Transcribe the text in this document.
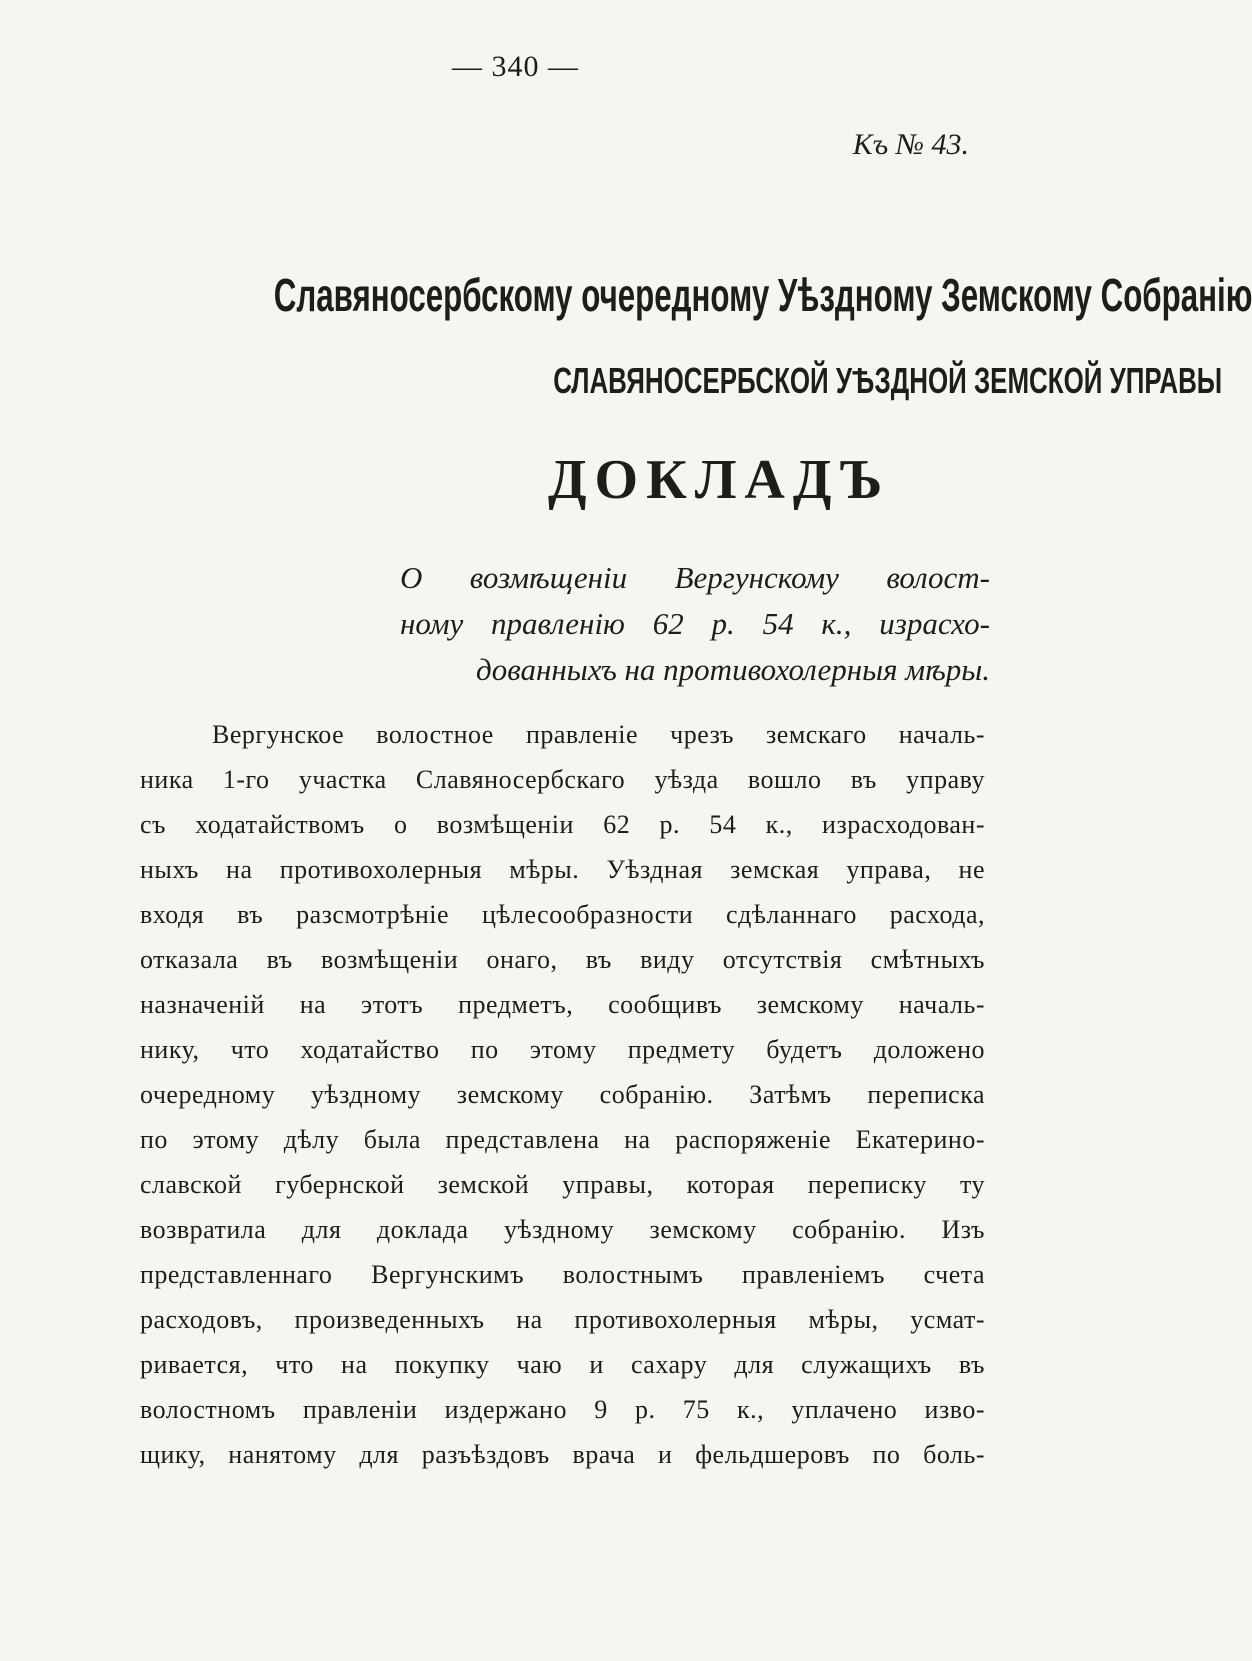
— 340 —
Къ № 43.
Славяносербскому очередному Уѣздному Земскому Собранію
СЛАВЯНОСЕРБСКОЙ УѢЗДНОЙ ЗЕМСКОЙ УПРАВЫ
ДОКЛАДЪ
О возмѣщеніи Вергунскому волост-
ному правленію 62 р. 54 к., израсхо-
дованныхъ на противохолерныя мѣры.
Вергунское волостное правленіе чрезъ земскаго началь-
ника 1-го участка Славяносербскаго уѣзда вошло въ управу
съ ходатайствомъ о возмѣщеніи 62 р. 54 к., израсходован-
ныхъ на противохолерныя мѣры. Уѣздная земская управа, не
входя въ разсмотрѣніе цѣлесообразности сдѣланнаго расхода,
отказала въ возмѣщеніи онаго, въ виду отсутствія смѣтныхъ
назначеній на этотъ предметъ, сообщивъ земскому началь-
нику, что ходатайство по этому предмету будетъ доложено
очередному уѣздному земскому собранію. Затѣмъ переписка
по этому дѣлу была представлена на распоряженіе Екатерино-
славской губернской земской управы, которая переписку ту
возвратила для доклада уѣздному земскому собранію. Изъ
представленнаго Вергунскимъ волостнымъ правленіемъ счета
расходовъ, произведенныхъ на противохолерныя мѣры, усмат-
ривается, что на покупку чаю и сахару для служащихъ въ
волостномъ правленіи издержано 9 р. 75 к., уплачено изво-
щику, нанятому для разъѣздовъ врача и фельдшеровъ по боль-
